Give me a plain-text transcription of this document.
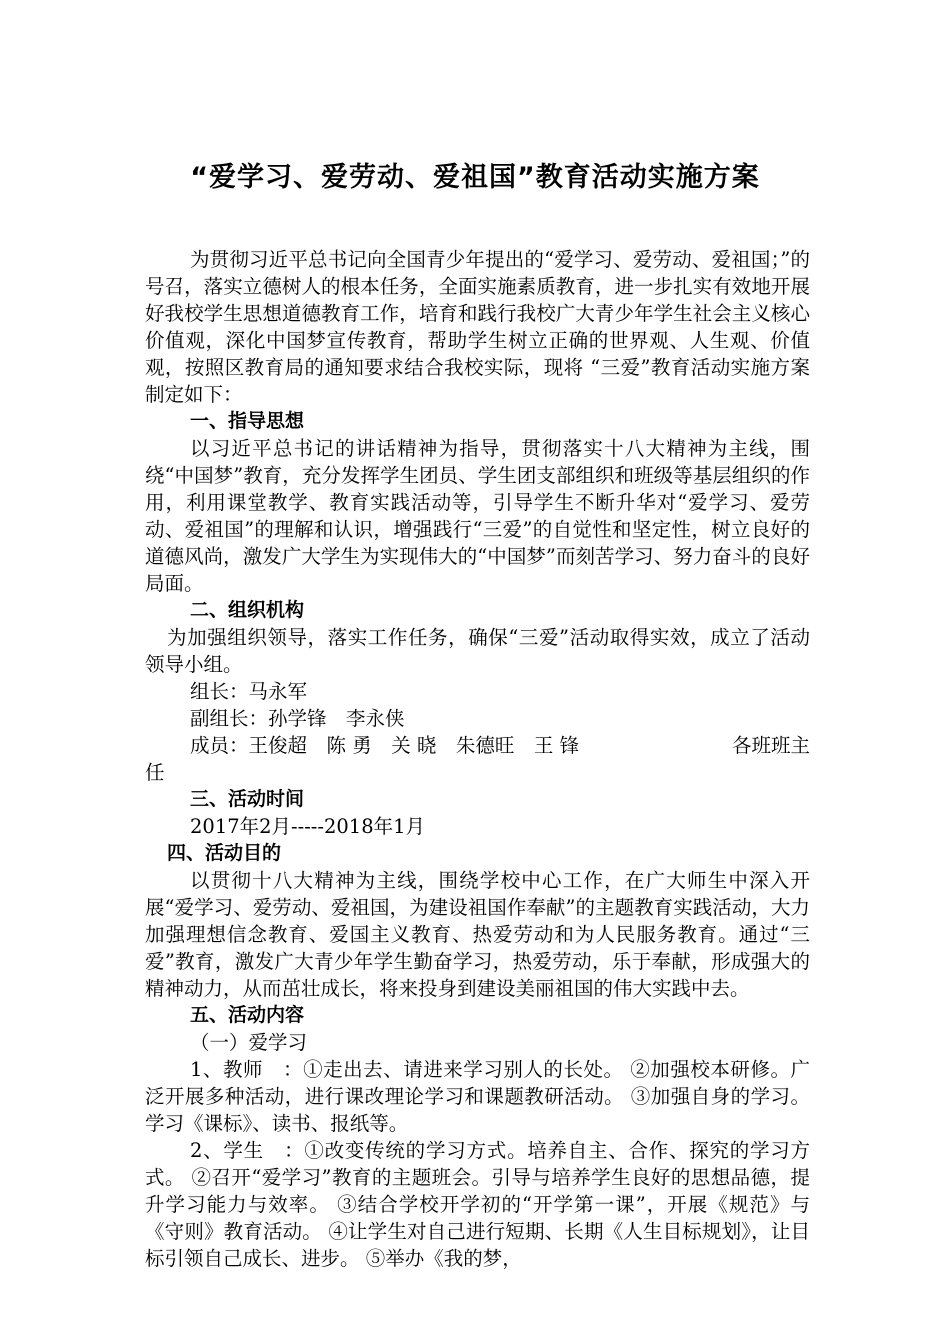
“爱学习、爱劳动、爱祖国”教育活动实施方案

为贯彻习近平总书记向全国青少年提出的“爱学习、爱劳动、爱祖国；”的号召，落实立德树人的根本任务，全面实施素质教育，进一步扎实有效地开展好我校学生思想道德教育工作，培育和践行我校广大青少年学生社会主义核心价值观，深化中国梦宣传教育，帮助学生树立正确的世界观、人生观、价值观，按照区教育局的通知要求结合我校实际，现将 “三爱”教育活动实施方案制定如下：

一、指导思想

以习近平总书记的讲话精神为指导，贯彻落实十八大精神为主线，围绕“中国梦”教育，充分发挥学生团员、学生团支部组织和班级等基层组织的作用，利用课堂教学、教育实践活动等，引导学生不断升华对“爱学习、爱劳动、爱祖国”的理解和认识，增强践行“三爱”的自觉性和坚定性，树立良好的道德风尚，激发广大学生为实现伟大的“中国梦”而刻苦学习、努力奋斗的良好局面。

二、组织机构

为加强组织领导，落实工作任务，确保“三爱”活动取得实效，成立了活动领导小组。

组长：马永军

副组长：孙学锋　李永侠

成员：王俊超　陈 勇　关 晓　朱德旺　王 锋	各班班主

任

三、活动时间

2017年2月-----2018年1月

四、活动目的

以贯彻十八大精神为主线，围绕学校中心工作，在广大师生中深入开展“爱学习、爱劳动、爱祖国，为建设祖国作奉献”的主题教育实践活动，大力加强理想信念教育、爱国主义教育、热爱劳动和为人民服务教育。通过“三爱”教育，激发广大青少年学生勤奋学习，热爱劳动，乐于奉献，形成强大的精神动力，从而茁壮成长，将来投身到建设美丽祖国的伟大实践中去。

五、活动内容

（一）爱学习

1、教师　：①走出去、请进来学习别人的长处。 ②加强校本研修。广泛开展多种活动，进行课改理论学习和课题教研活动。 ③加强自身的学习。学习《课标》、读书、报纸等。

2、学生　：①改变传统的学习方式。培养自主、合作、探究的学习方式。 ②召开“爱学习”教育的主题班会。引导与培养学生良好的思想品德，提升学习能力与效率。 ③结合学校开学初的“开学第一课”，开展《规范》与《守则》教育活动。 ④让学生对自己进行短期、长期《人生目标规划》，让目标引领自己成长、进步。 ⑤举办《我的梦，
